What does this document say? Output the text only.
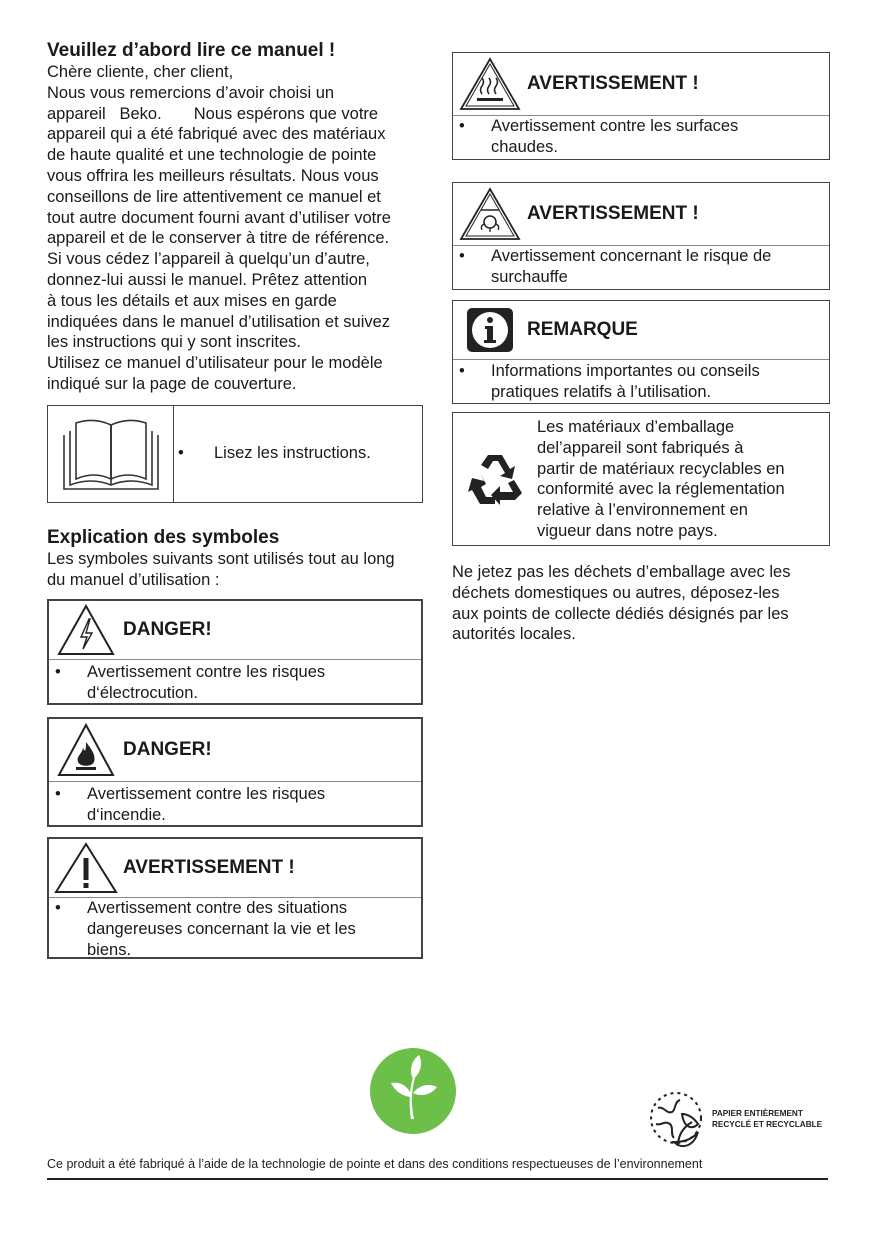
Veuillez d’abord lire ce manuel !
Chère cliente, cher client,
Nous vous remercions d’avoir choisi un
appareil   Beko.       Nous espérons que votre
appareil qui a été fabriqué avec des matériaux
de haute qualité et une technologie de pointe
vous offrira les meilleurs résultats. Nous vous
conseillons de lire attentivement ce manuel et
tout autre document fourni avant d’utiliser votre
appareil et de le conserver à titre de référence.
Si vous cédez l’appareil à quelqu’un d’autre,
donnez-lui aussi le manuel. Prêtez attention
à tous les détails et aux mises en garde
indiquées dans le manuel d’utilisation et suivez
les instructions qui y sont inscrites.
Utilisez ce manuel d’utilisateur pour le modèle
indiqué sur la page de couverture.
•	Lisez les instructions.
Explication des symboles
Les symboles suivants sont utilisés tout au long
du manuel d’utilisation :
DANGER!
•	Avertissement contre les risques
d‘électrocution.
DANGER!
•	Avertissement contre les risques
d‘incendie.
AVERTISSEMENT !
•	Avertissement contre des situations
dangereuses concernant la vie et les
biens.
AVERTISSEMENT !
•	Avertissement contre les surfaces
chaudes.
AVERTISSEMENT !
•	Avertissement concernant le risque de
surchauffe
REMARQUE
•	Informations importantes ou conseils
pratiques relatifs à l’utilisation.
Les matériaux d’emballage
del’appareil sont fabriqués à
partir de matériaux recyclables en
conformité avec la réglementation
relative à l’environnement en
vigueur dans notre pays.
Ne jetez pas les déchets d’emballage avec les
déchets domestiques ou autres, déposez-les
aux points de collecte dédiés désignés par les
autorités locales.
PAPIER ENTIÈREMENT
RECYCLÉ ET RECYCLABLE
Ce produit a été fabriqué à l’aide de la technologie de pointe et dans des conditions respectueuses de l’environnement
